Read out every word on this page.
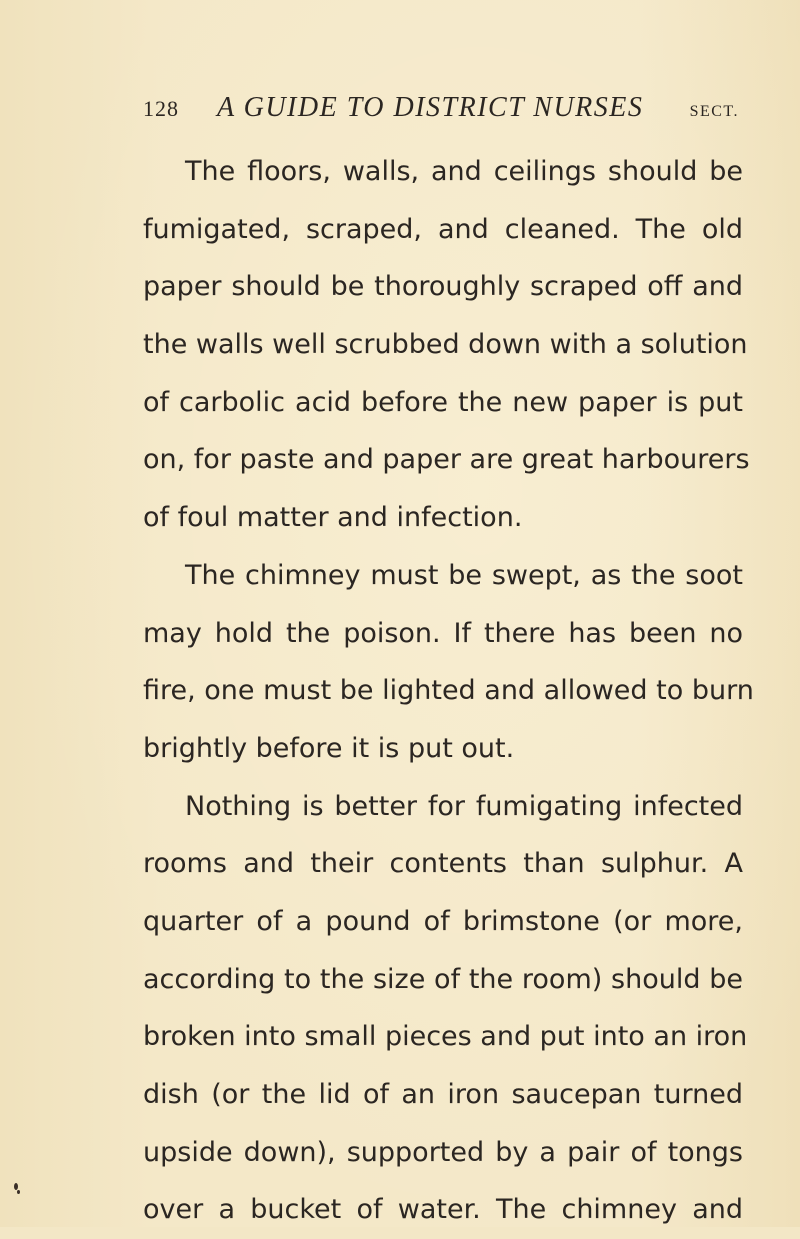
128 A GUIDE TO DISTRICT NURSES	SECT.
The floors, walls, and ceilings should be
fumigated, scraped, and cleaned. The old
paper should be thoroughly scraped off and
the walls well scrubbed down with a solution
of carbolic acid before the new paper is put
on, for paste and paper are great harbourers
of foul matter and infection.
The chimney must be swept, as the soot
may hold the poison. If there has been no
fire, one must be lighted and allowed to burn
brightly before it is put out.
Nothing is better for fumigating infected
rooms and their contents than sulphur. A
quarter of a pound of brimstone (or more,
according to the size of the room) should be
broken into small pieces and put into an iron
dish (or the lid of an iron saucepan turned
upside down), supported by a pair of tongs
over a bucket of water. The chimney and
